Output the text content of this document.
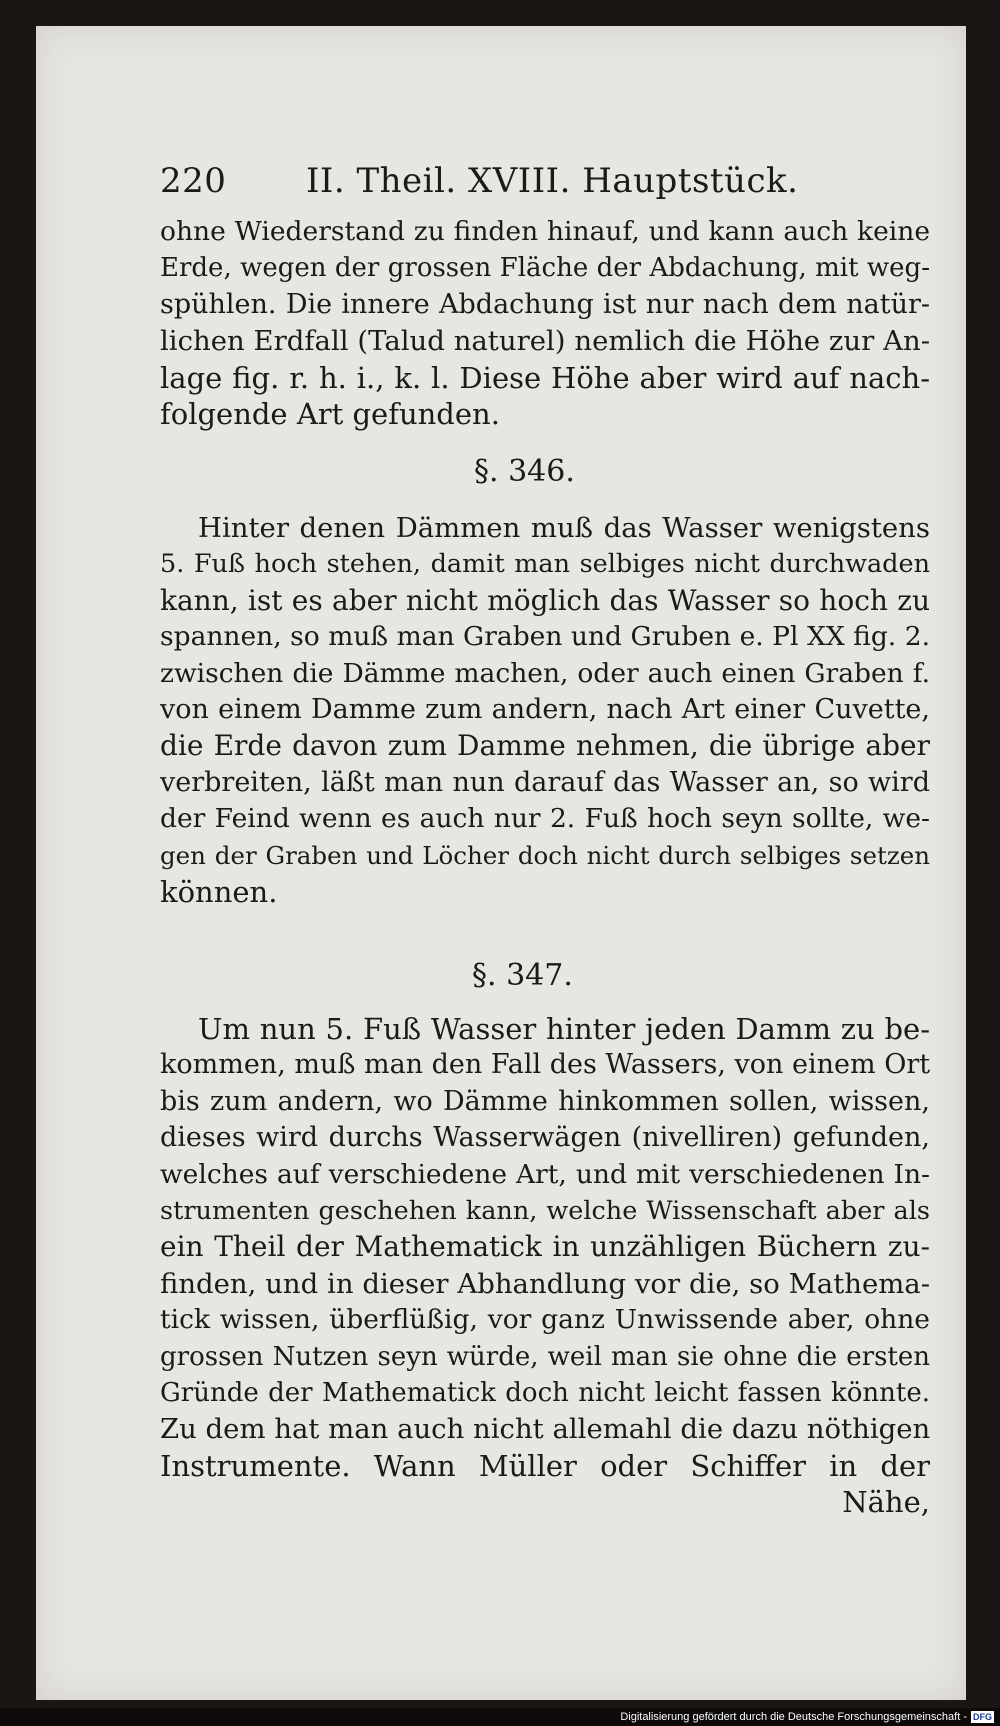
220 II. Theil. XVIII. Hauptstück.
ohne Wiederstand zu finden hinauf, und kann auch keine
Erde, wegen der grossen Fläche der Abdachung, mit weg-
spühlen. Die innere Abdachung ist nur nach dem natür-
lichen Erdfall (Talud naturel) nemlich die Höhe zur An-
lage fig. r. h. i., k. l. Diese Höhe aber wird auf nach-
folgende Art gefunden.
§. 346.
Hinter denen Dämmen muß das Wasser wenigstens
5. Fuß hoch stehen, damit man selbiges nicht durchwaden
kann, ist es aber nicht möglich das Wasser so hoch zu
spannen, so muß man Graben und Gruben e. Pl XX fig. 2.
zwischen die Dämme machen, oder auch einen Graben f.
von einem Damme zum andern, nach Art einer Cuvette,
die Erde davon zum Damme nehmen, die übrige aber
verbreiten, läßt man nun darauf das Wasser an, so wird
der Feind wenn es auch nur 2. Fuß hoch seyn sollte, we-
gen der Graben und Löcher doch nicht durch selbiges setzen
können.
§. 347.
Um nun 5. Fuß Wasser hinter jeden Damm zu be-
kommen, muß man den Fall des Wassers, von einem Ort
bis zum andern, wo Dämme hinkommen sollen, wissen,
dieses wird durchs Wasserwägen (nivelliren) gefunden,
welches auf verschiedene Art, und mit verschiedenen In-
strumenten geschehen kann, welche Wissenschaft aber als
ein Theil der Mathematick in unzähligen Büchern zu-
finden, und in dieser Abhandlung vor die, so Mathema-
tick wissen, überflüßig, vor ganz Unwissende aber, ohne
grossen Nutzen seyn würde, weil man sie ohne die ersten
Gründe der Mathematick doch nicht leicht fassen könnte.
Zu dem hat man auch nicht allemahl die dazu nöthigen
Instrumente. Wann Müller oder Schiffer in der
Nähe,
Digitalisierung gefördert durch die Deutsche Forschungsgemeinschaft - DFG
